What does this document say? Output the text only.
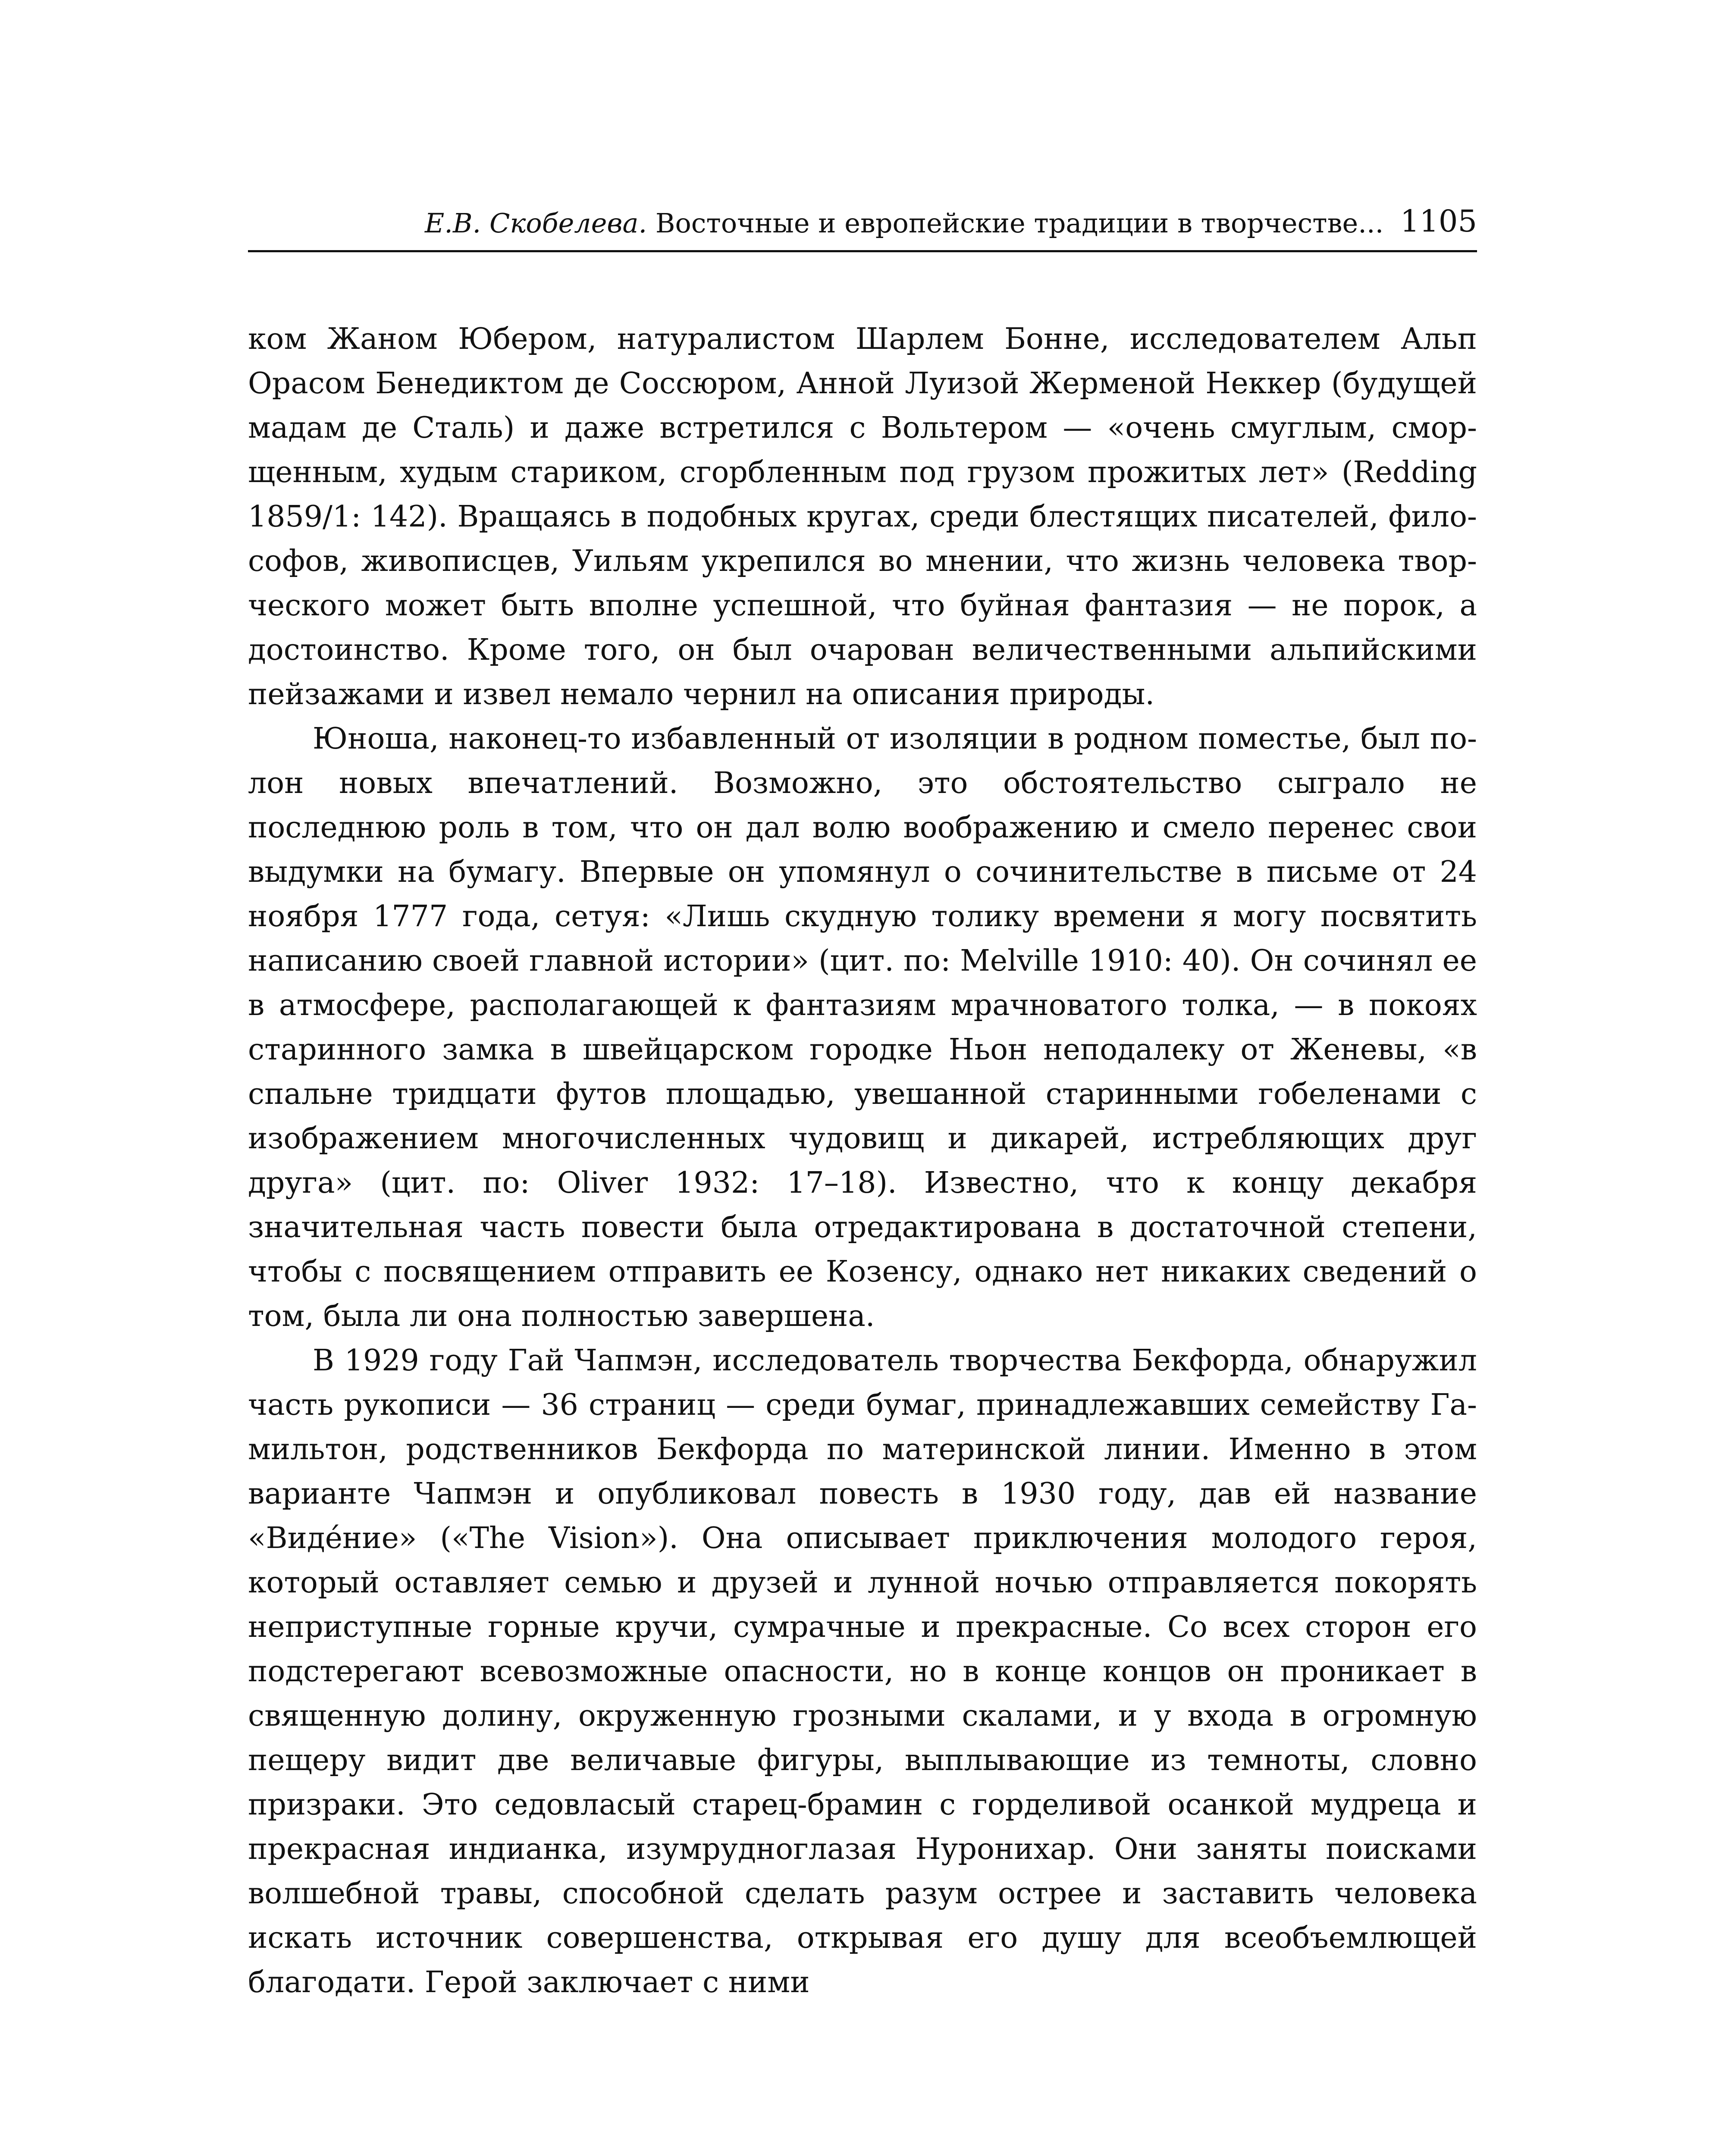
Е.В. Скобелева. Восточные и европейские традиции в творчестве... 1105

ком Жаном Юбером, натуралистом Шарлем Бонне, исследователем Альп Орасом Бенедиктом де Соссюром, Анной Луизой Жерменой Неккер (будущей мадам де Сталь) и даже встретился с Вольтером — «очень смуглым, сморщенным, худым стариком, сгорбленным под грузом прожитых лет» (Redding 1859/1: 142). Вращаясь в подобных кругах, среди блестящих писателей, философов, живописцев, Уильям укрепился во мнении, что жизнь человека творческого может быть вполне успешной, что буйная фантазия — не порок, а достоинство. Кроме того, он был очарован величественными альпийскими пейзажами и извел немало чернил на описания природы.

Юноша, наконец-то избавленный от изоляции в родном поместье, был полон новых впечатлений. Возможно, это обстоятельство сыграло не последнюю роль в том, что он дал волю воображению и смело перенес свои выдумки на бумагу. Впервые он упомянул о сочинительстве в письме от 24 ноября 1777 года, сетуя: «Лишь скудную толику времени я могу посвятить написанию своей главной истории» (цит. по: Melville 1910: 40). Он сочинял ее в атмосфере, располагающей к фантазиям мрачноватого толка, — в покоях старинного замка в швейцарском городке Ньон неподалеку от Женевы, «в спальне тридцати футов площадью, увешанной старинными гобеленами с изображением многочисленных чудовищ и дикарей, истребляющих друг друга» (цит. по: Oliver 1932: 17–18). Известно, что к концу декабря значительная часть повести была отредактирована в достаточной степени, чтобы с посвящением отправить ее Козенсу, однако нет никаких сведений о том, была ли она полностью завершена.

В 1929 году Гай Чапмэн, исследователь творчества Бекфорда, обнаружил часть рукописи — 36 страниц — среди бумаг, принадлежавших семейству Гамильтон, родственников Бекфорда по материнской линии. Именно в этом варианте Чапмэн и опубликовал повесть в 1930 году, дав ей название «Виде́ние» («The Vision»). Она описывает приключения молодого героя, который оставляет семью и друзей и лунной ночью отправляется покорять неприступные горные кручи, сумрачные и прекрасные. Со всех сторон его подстерегают всевозможные опасности, но в конце концов он проникает в священную долину, окруженную грозными скалами, и у входа в огромную пещеру видит две величавые фигуры, выплывающие из темноты, словно призраки. Это седовласый старец-брамин с горделивой осанкой мудреца и прекрасная индианка, изумрудноглазая Нуронихар. Они заняты поисками волшебной травы, способной сделать разум острее и заставить человека искать источник совершенства, открывая его душу для всеобъемлющей благодати. Герой заключает с ними
